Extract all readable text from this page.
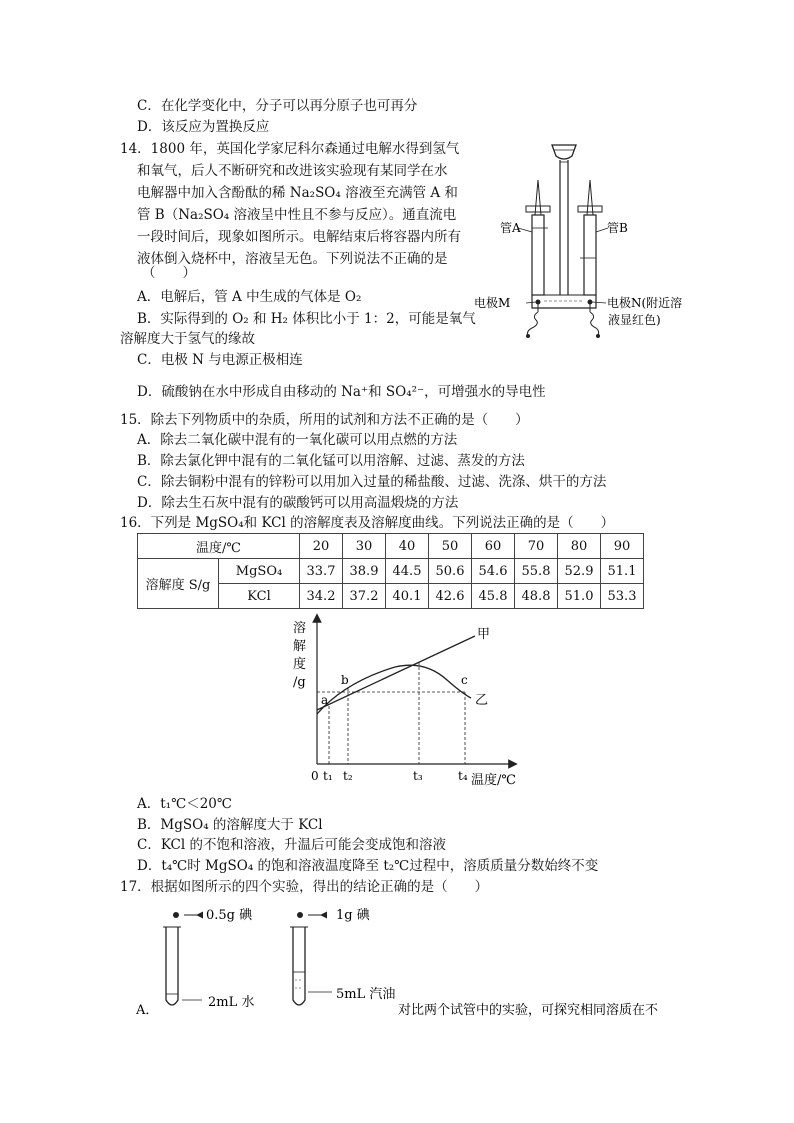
C．在化学变化中，分子可以再分原子也可再分
D．该反应为置换反应
14．1800 年，英国化学家尼科尔森通过电解水得到氢气
和氧气，后人不断研究和改进该实验现有某同学在水
电解器中加入含酚酞的稀 Na₂SO₄ 溶液至充满管 A 和
管 B（Na₂SO₄ 溶液呈中性且不参与反应）。通直流电
一段时间后，现象如图所示。电解结束后将容器内所有
液体倒入烧杯中，溶液呈无色。下列说法不正确的是
（　　）
A．电解后，管 A 中生成的气体是 O₂
B．实际得到的 O₂ 和 H₂ 体积比小于 1：2，可能是氧气
溶解度大于氢气的缘故
C．电极 N 与电源正极相连
D．硫酸钠在水中形成自由移动的 Na⁺和 SO₄²⁻，可增强水的导电性
管A	管B
电极M	电极N(附近溶
液显红色)
15．除去下列物质中的杂质，所用的试剂和方法不正确的是（　　）
A．除去二氧化碳中混有的一氧化碳可以用点燃的方法
B．除去氯化钾中混有的二氧化锰可以用溶解、过滤、蒸发的方法
C．除去铜粉中混有的锌粉可以用加入过量的稀盐酸、过滤、洗涤、烘干的方法
D．除去生石灰中混有的碳酸钙可以用高温煅烧的方法
16．下列是 MgSO₄和 KCl 的溶解度表及溶解度曲线。下列说法正确的是（　　）
温度/℃		20	30	40	50	60	70	80	90
溶解度 S/g	MgSO₄	33.7	38.9	44.5	50.6	54.6	55.8	52.9	51.1
	KCl	34.2	37.2	40.1	42.6	45.8	48.8	51.0	53.3
溶
解
度
/g
a
b	c
甲
乙
0 t₁ t₂	t₃	t₄ 温度/℃
A．t₁℃＜20℃
B．MgSO₄ 的溶解度大于 KCl
C．KCl 的不饱和溶液，升温后可能会变成饱和溶液
D．t₄℃时 MgSO₄ 的饱和溶液温度降至 t₂℃过程中，溶质质量分数始终不变
17．根据如图所示的四个实验，得出的结论正确的是（　　）
0.5g 碘
2mL 水
A．
1g 碘
5mL 汽油
对比两个试管中的实验，可探究相同溶质在不
